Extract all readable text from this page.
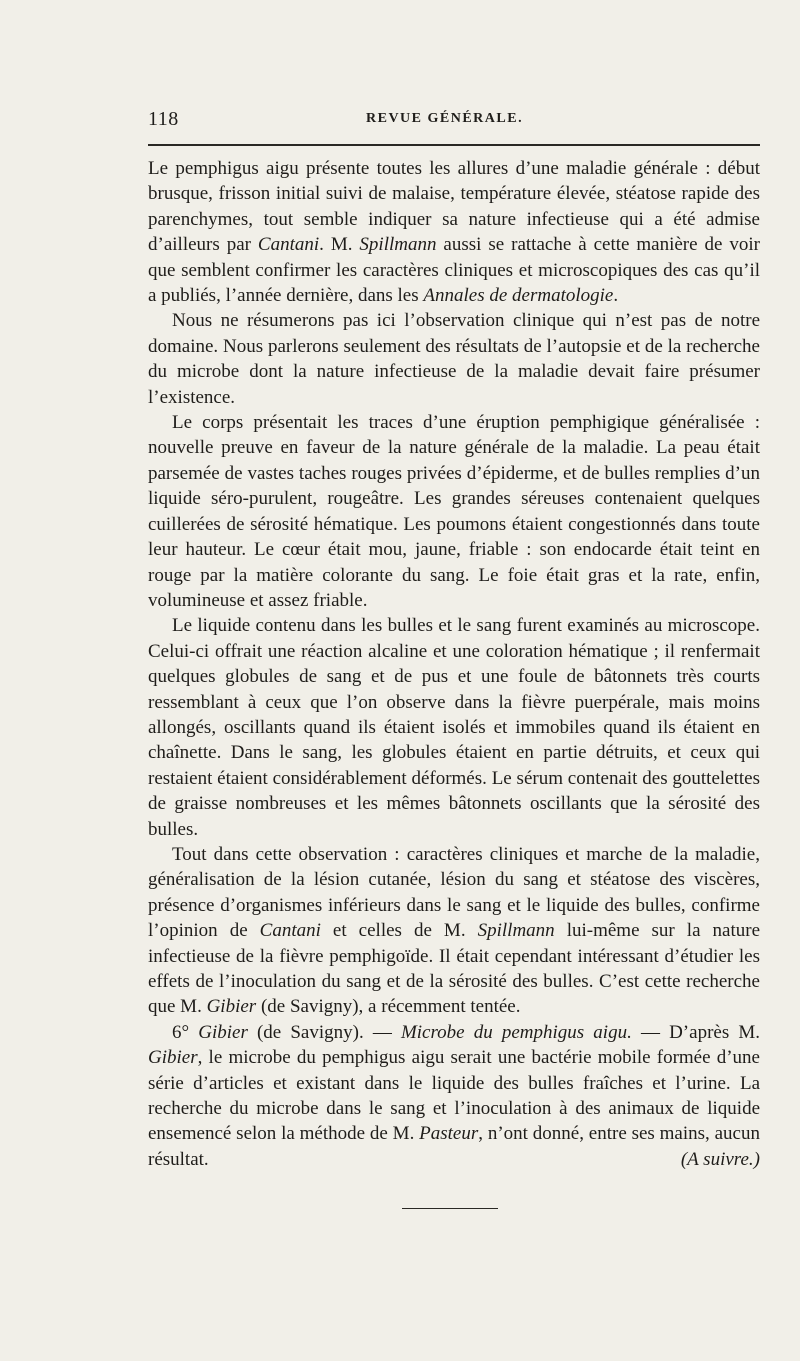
118	REVUE GÉNÉRALE.

Le pemphigus aigu présente toutes les allures d’une maladie générale : début brusque, frisson initial suivi de malaise, température élevée, stéatose rapide des parenchymes, tout semble indiquer sa nature infectieuse qui a été admise d’ailleurs par Cantani. M. Spillmann aussi se rattache à cette manière de voir que semblent confirmer les caractères cliniques et microscopiques des cas qu’il a publiés, l’année dernière, dans les Annales de dermatologie.

Nous ne résumerons pas ici l’observation clinique qui n’est pas de notre domaine. Nous parlerons seulement des résultats de l’autopsie et de la recherche du microbe dont la nature infectieuse de la maladie devait faire présumer l’existence.

Le corps présentait les traces d’une éruption pemphigique généralisée : nouvelle preuve en faveur de la nature générale de la maladie. La peau était parsemée de vastes taches rouges privées d’épiderme, et de bulles remplies d’un liquide séro-purulent, rougeâtre. Les grandes séreuses contenaient quelques cuillerées de sérosité hématique. Les poumons étaient congestionnés dans toute leur hauteur. Le cœur était mou, jaune, friable : son endocarde était teint en rouge par la matière colorante du sang. Le foie était gras et la rate, enfin, volumineuse et assez friable.

Le liquide contenu dans les bulles et le sang furent examinés au microscope. Celui-ci offrait une réaction alcaline et une coloration hématique ; il renfermait quelques globules de sang et de pus et une foule de bâtonnets très courts ressemblant à ceux que l’on observe dans la fièvre puerpérale, mais moins allongés, oscillants quand ils étaient isolés et immobiles quand ils étaient en chaînette. Dans le sang, les globules étaient en partie détruits, et ceux qui restaient étaient considérablement déformés. Le sérum contenait des gouttelettes de graisse nombreuses et les mêmes bâtonnets oscillants que la sérosité des bulles.

Tout dans cette observation : caractères cliniques et marche de la maladie, généralisation de la lésion cutanée, lésion du sang et stéatose des viscères, présence d’organismes inférieurs dans le sang et le liquide des bulles, confirme l’opinion de Cantani et celles de M. Spillmann lui-même sur la nature infectieuse de la fièvre pemphigoïde. Il était cependant intéressant d’étudier les effets de l’inoculation du sang et de la sérosité des bulles. C’est cette recherche que M. Gibier (de Savigny), a récemment tentée.

6° Gibier (de Savigny). — Microbe du pemphigus aigu. — D’après M. Gibier, le microbe du pemphigus aigu serait une bactérie mobile formée d’une série d’articles et existant dans le liquide des bulles fraîches et l’urine. La recherche du microbe dans le sang et l’inoculation à des animaux de liquide ensemencé selon la méthode de M. Pasteur, n’ont donné, entre ses mains, aucun résultat.     	(A suivre.)
